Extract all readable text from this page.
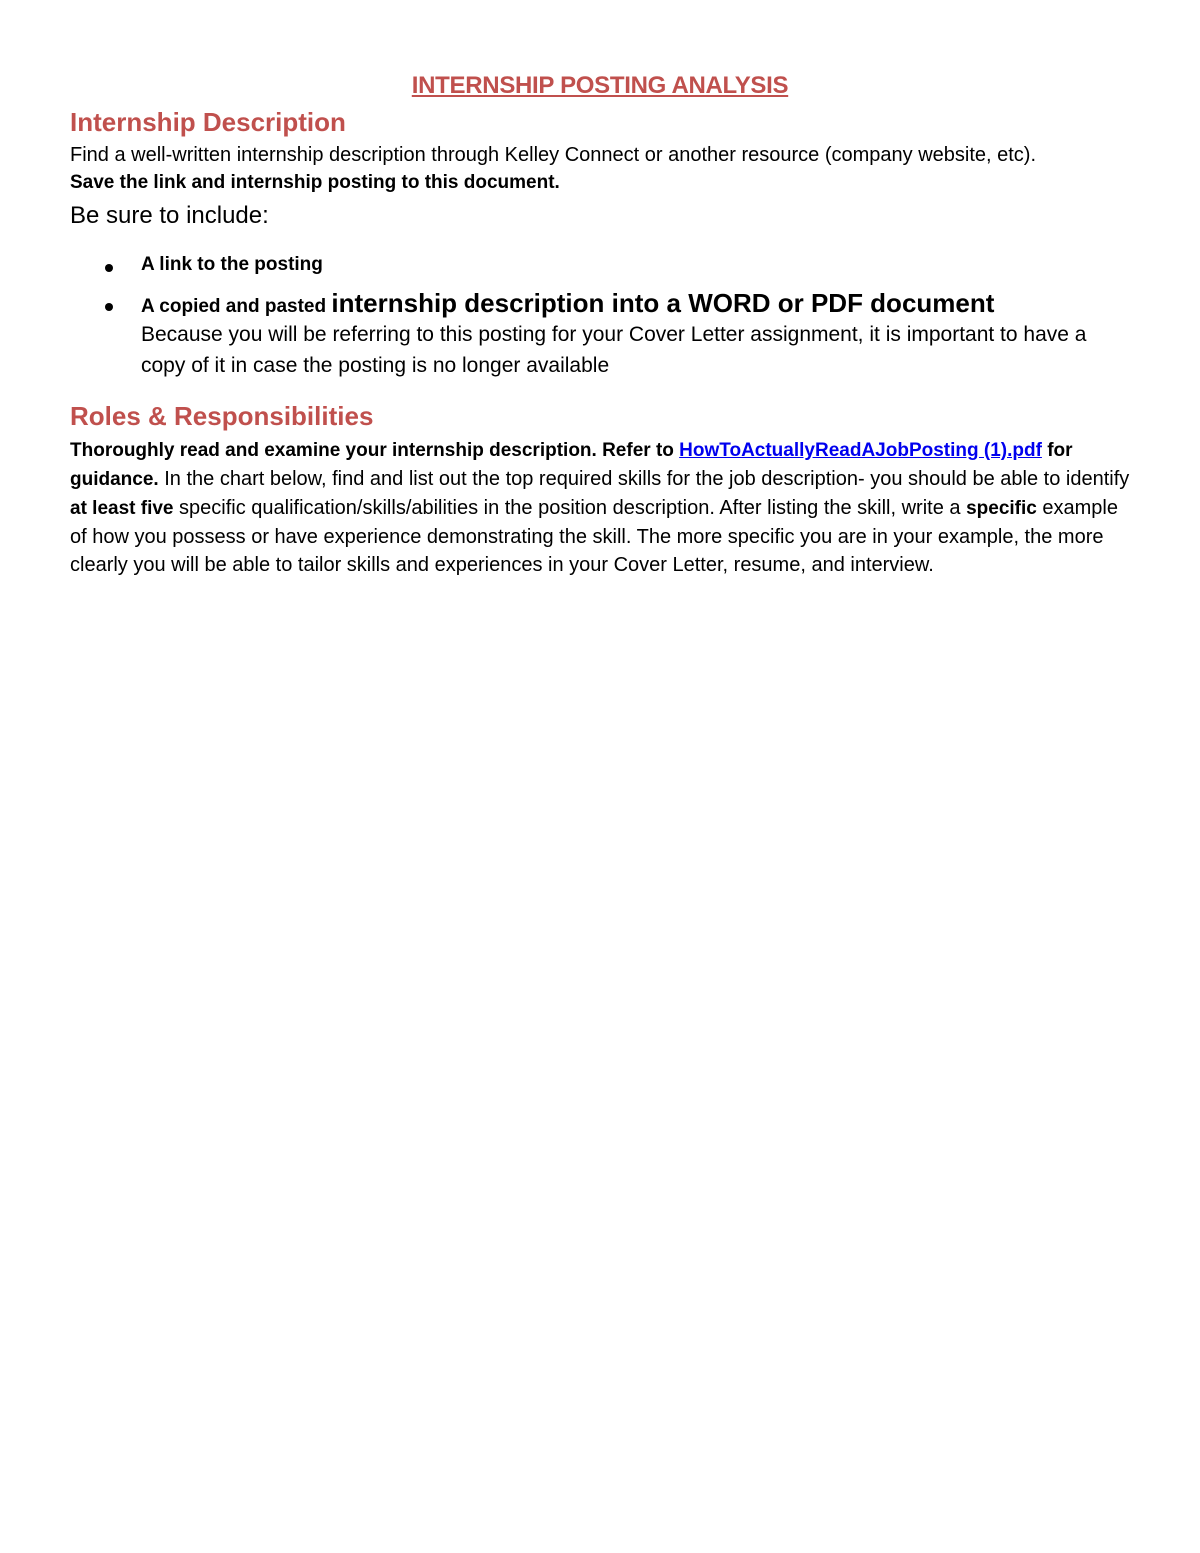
INTERNSHIP POSTING ANALYSIS
Internship Description
Find a well-written internship description through Kelley Connect or another resource (company website, etc).
Save the link and internship posting to this document.
Be sure to include:
A link to the posting
A copied and pasted internship description into a WORD or PDF document
Because you will be referring to this posting for your Cover Letter assignment, it is important to have a copy of it in case the posting is no longer available
Roles & Responsibilities
Thoroughly read and examine your internship description. Refer to HowToActuallyReadAJobPosting (1).pdf for guidance. In the chart below, find and list out the top required skills for the job description- you should be able to identify at least five specific qualification/skills/abilities in the position description. After listing the skill, write a specific example of how you possess or have experience demonstrating the skill. The more specific you are in your example, the more clearly you will be able to tailor skills and experiences in your Cover Letter, resume, and interview.
